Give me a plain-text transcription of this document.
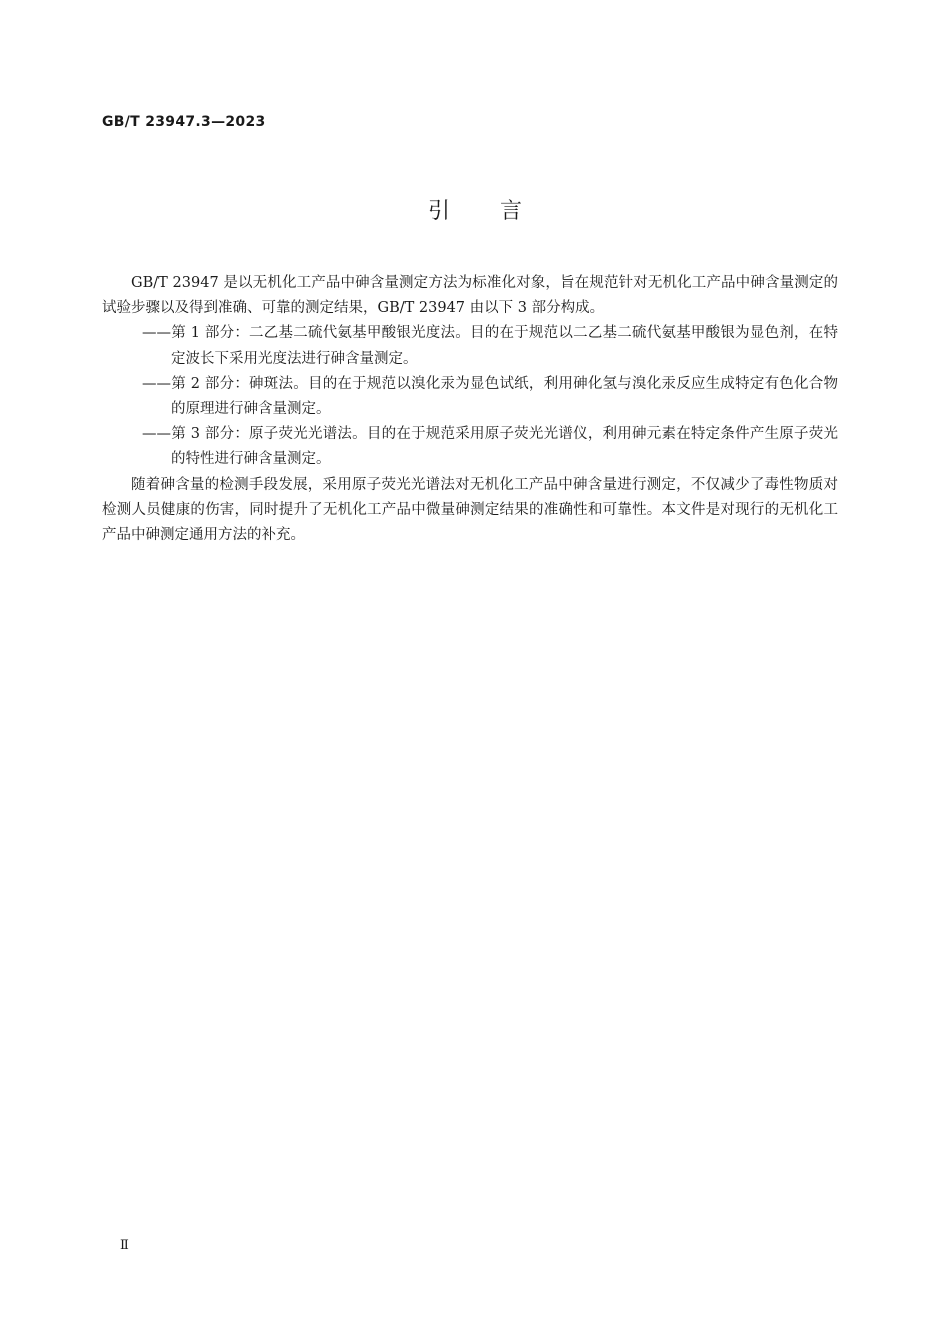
GB/T 23947.3—2023
引言

GB/T 23947 是以无机化工产品中砷含量测定方法为标准化对象，旨在规范针对无机化工产品中砷含量测定的试验步骤以及得到准确、可靠的测定结果，GB/T 23947 由以下 3 部分构成。

——第 1 部分：二乙基二硫代氨基甲酸银光度法。目的在于规范以二乙基二硫代氨基甲酸银为显色剂，在特定波长下采用光度法进行砷含量测定。

——第 2 部分：砷斑法。目的在于规范以溴化汞为显色试纸，利用砷化氢与溴化汞反应生成特定有色化合物的原理进行砷含量测定。

——第 3 部分：原子荧光光谱法。目的在于规范采用原子荧光光谱仪，利用砷元素在特定条件产生原子荧光的特性进行砷含量测定。

随着砷含量的检测手段发展，采用原子荧光光谱法对无机化工产品中砷含量进行测定，不仅减少了毒性物质对检测人员健康的伤害，同时提升了无机化工产品中微量砷测定结果的准确性和可靠性。本文件是对现行的无机化工产品中砷测定通用方法的补充。

Ⅱ
